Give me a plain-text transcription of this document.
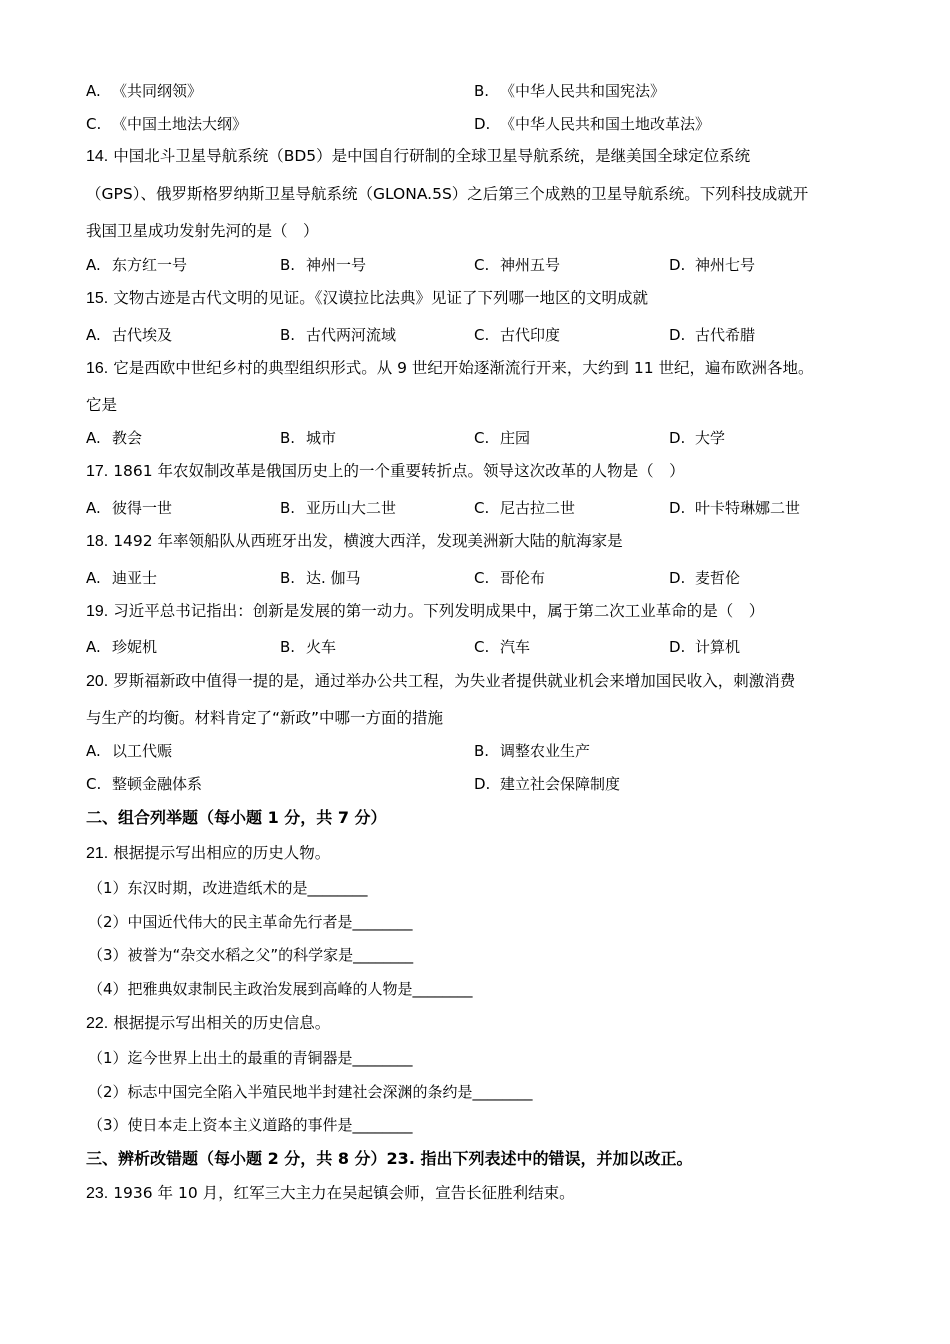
A. 《共同纲领》	B. 《中华人民共和国宪法》
C. 《中国土地法大纲》	D. 《中华人民共和国土地改革法》
14. 中国北斗卫星导航系统（BD5）是中国自行研制的全球卫星导航系统，是继美国全球定位系统
（GPS）、俄罗斯格罗纳斯卫星导航系统（GLONA.5S）之后第三个成熟的卫星导航系统。下列科技成就开
我国卫星成功发射先河的是（　）
A. 东方红一号	B. 神州一号	C. 神州五号	D. 神州七号
15. 文物古迹是古代文明的见证。《汉谟拉比法典》见证了下列哪一地区的文明成就
A. 古代埃及	B. 古代两河流域	C. 古代印度	D. 古代希腊
16. 它是西欧中世纪乡村的典型组织形式。从 9 世纪开始逐渐流行开来，大约到 11 世纪，遍布欧洲各地。
它是
A. 教会	B. 城市	C. 庄园	D. 大学
17. 1861 年农奴制改革是俄国历史上的一个重要转折点。领导这次改革的人物是（　）
A. 彼得一世	B. 亚历山大二世	C. 尼古拉二世	D. 叶卡特琳娜二世
18. 1492 年率领船队从西班牙出发，横渡大西洋，发现美洲新大陆的航海家是
A. 迪亚士	B. 达. 伽马	C. 哥伦布	D. 麦哲伦
19. 习近平总书记指出：创新是发展的第一动力。下列发明成果中，属于第二次工业革命的是（　）
A. 珍妮机	B. 火车	C. 汽车	D. 计算机
20. 罗斯福新政中值得一提的是，通过举办公共工程，为失业者提供就业机会来增加国民收入，刺激消费
与生产的均衡。材料肯定了“新政”中哪一方面的措施
A. 以工代赈	B. 调整农业生产
C. 整顿金融体系	D. 建立社会保障制度
二、组合列举题（每小题 1 分，共 7 分）
21. 根据提示写出相应的历史人物。
（1）东汉时期，改进造纸术的是________
（2）中国近代伟大的民主革命先行者是________
（3）被誉为“杂交水稻之父”的科学家是________
（4）把雅典奴隶制民主政治发展到高峰的人物是________
22. 根据提示写出相关的历史信息。
（1）迄今世界上出土的最重的青铜器是________
（2）标志中国完全陷入半殖民地半封建社会深渊的条约是________
（3）使日本走上资本主义道路的事件是________
三、辨析改错题（每小题 2 分，共 8 分）23. 指出下列表述中的错误，并加以改正。
23. 1936 年 10 月，红军三大主力在吴起镇会师，宣告长征胜利结束。
